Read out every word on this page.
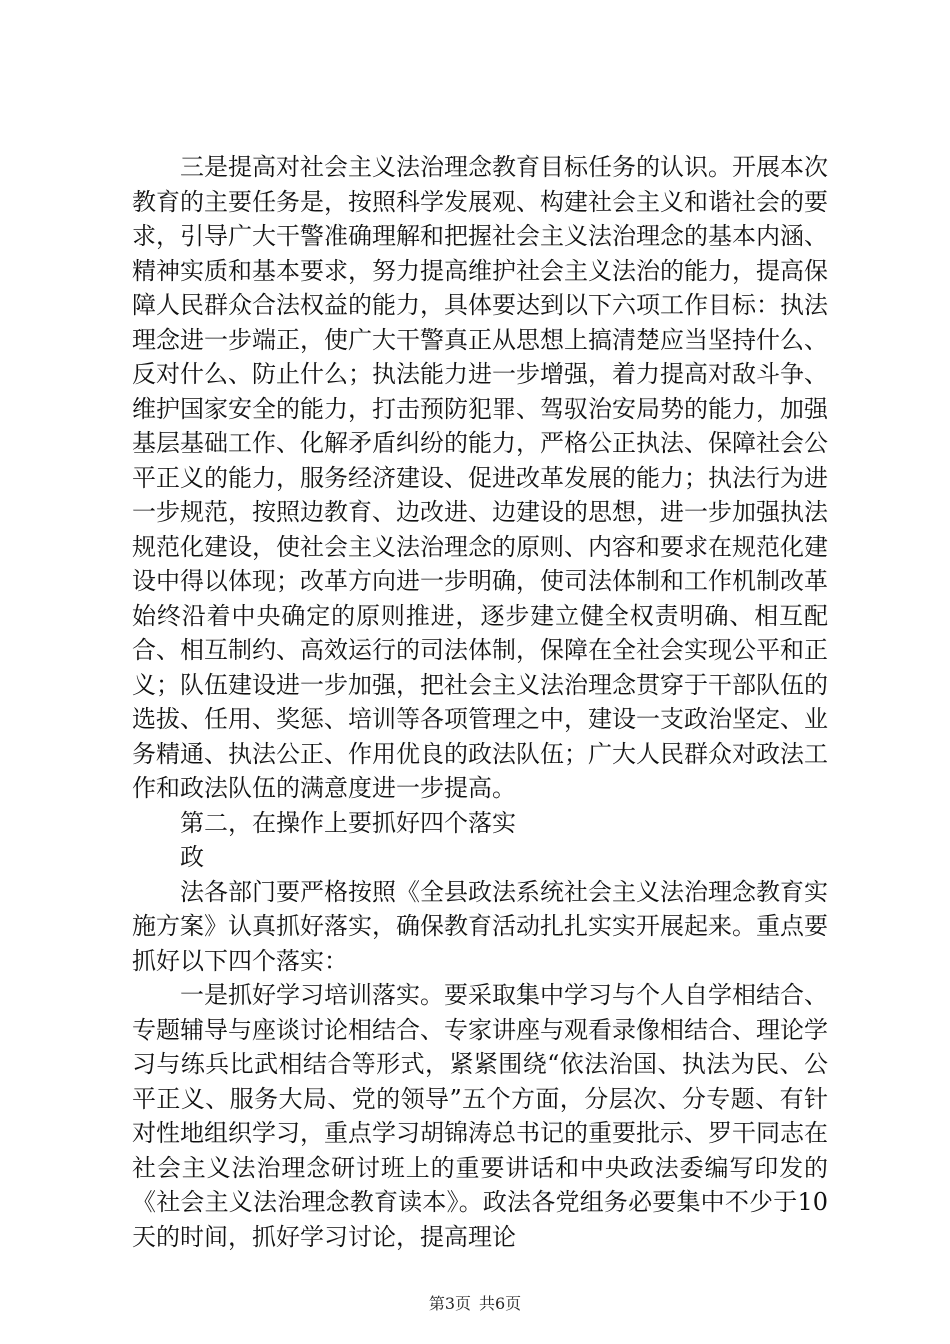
三是提高对社会主义法治理念教育目标任务的认识。开展本次教育的主要任务是，按照科学发展观、构建社会主义和谐社会的要求，引导广大干警准确理解和把握社会主义法治理念的基本内涵、精神实质和基本要求，努力提高维护社会主义法治的能力，提高保障人民群众合法权益的能力，具体要达到以下六项工作目标：执法理念进一步端正，使广大干警真正从思想上搞清楚应当坚持什么、反对什么、防止什么；执法能力进一步增强，着力提高对敌斗争、维护国家安全的能力，打击预防犯罪、驾驭治安局势的能力，加强基层基础工作、化解矛盾纠纷的能力，严格公正执法、保障社会公平正义的能力，服务经济建设、促进改革发展的能力；执法行为进一步规范，按照边教育、边改进、边建设的思想，进一步加强执法规范化建设，使社会主义法治理念的原则、内容和要求在规范化建设中得以体现；改革方向进一步明确，使司法体制和工作机制改革始终沿着中央确定的原则推进，逐步建立健全权责明确、相互配合、相互制约、高效运行的司法体制，保障在全社会实现公平和正义；队伍建设进一步加强，把社会主义法治理念贯穿于干部队伍的选拔、任用、奖惩、培训等各项管理之中，建设一支政治坚定、业务精通、执法公正、作用优良的政法队伍；广大人民群众对政法工作和政法队伍的满意度进一步提高。

第二，在操作上要抓好四个落实

政

法各部门要严格按照《全县政法系统社会主义法治理念教育实施方案》认真抓好落实，确保教育活动扎扎实实开展起来。重点要抓好以下四个落实：

一是抓好学习培训落实。要采取集中学习与个人自学相结合、专题辅导与座谈讨论相结合、专家讲座与观看录像相结合、理论学习与练兵比武相结合等形式，紧紧围绕“依法治国、执法为民、公平正义、服务大局、党的领导”五个方面，分层次、分专题、有针对性地组织学习，重点学习胡锦涛总书记的重要批示、罗干同志在社会主义法治理念研讨班上的重要讲话和中央政法委编写印发的《社会主义法治理念教育读本》。政法各党组务必要集中不少于10天的时间，抓好学习讨论，提高理论

第3页 共6页
